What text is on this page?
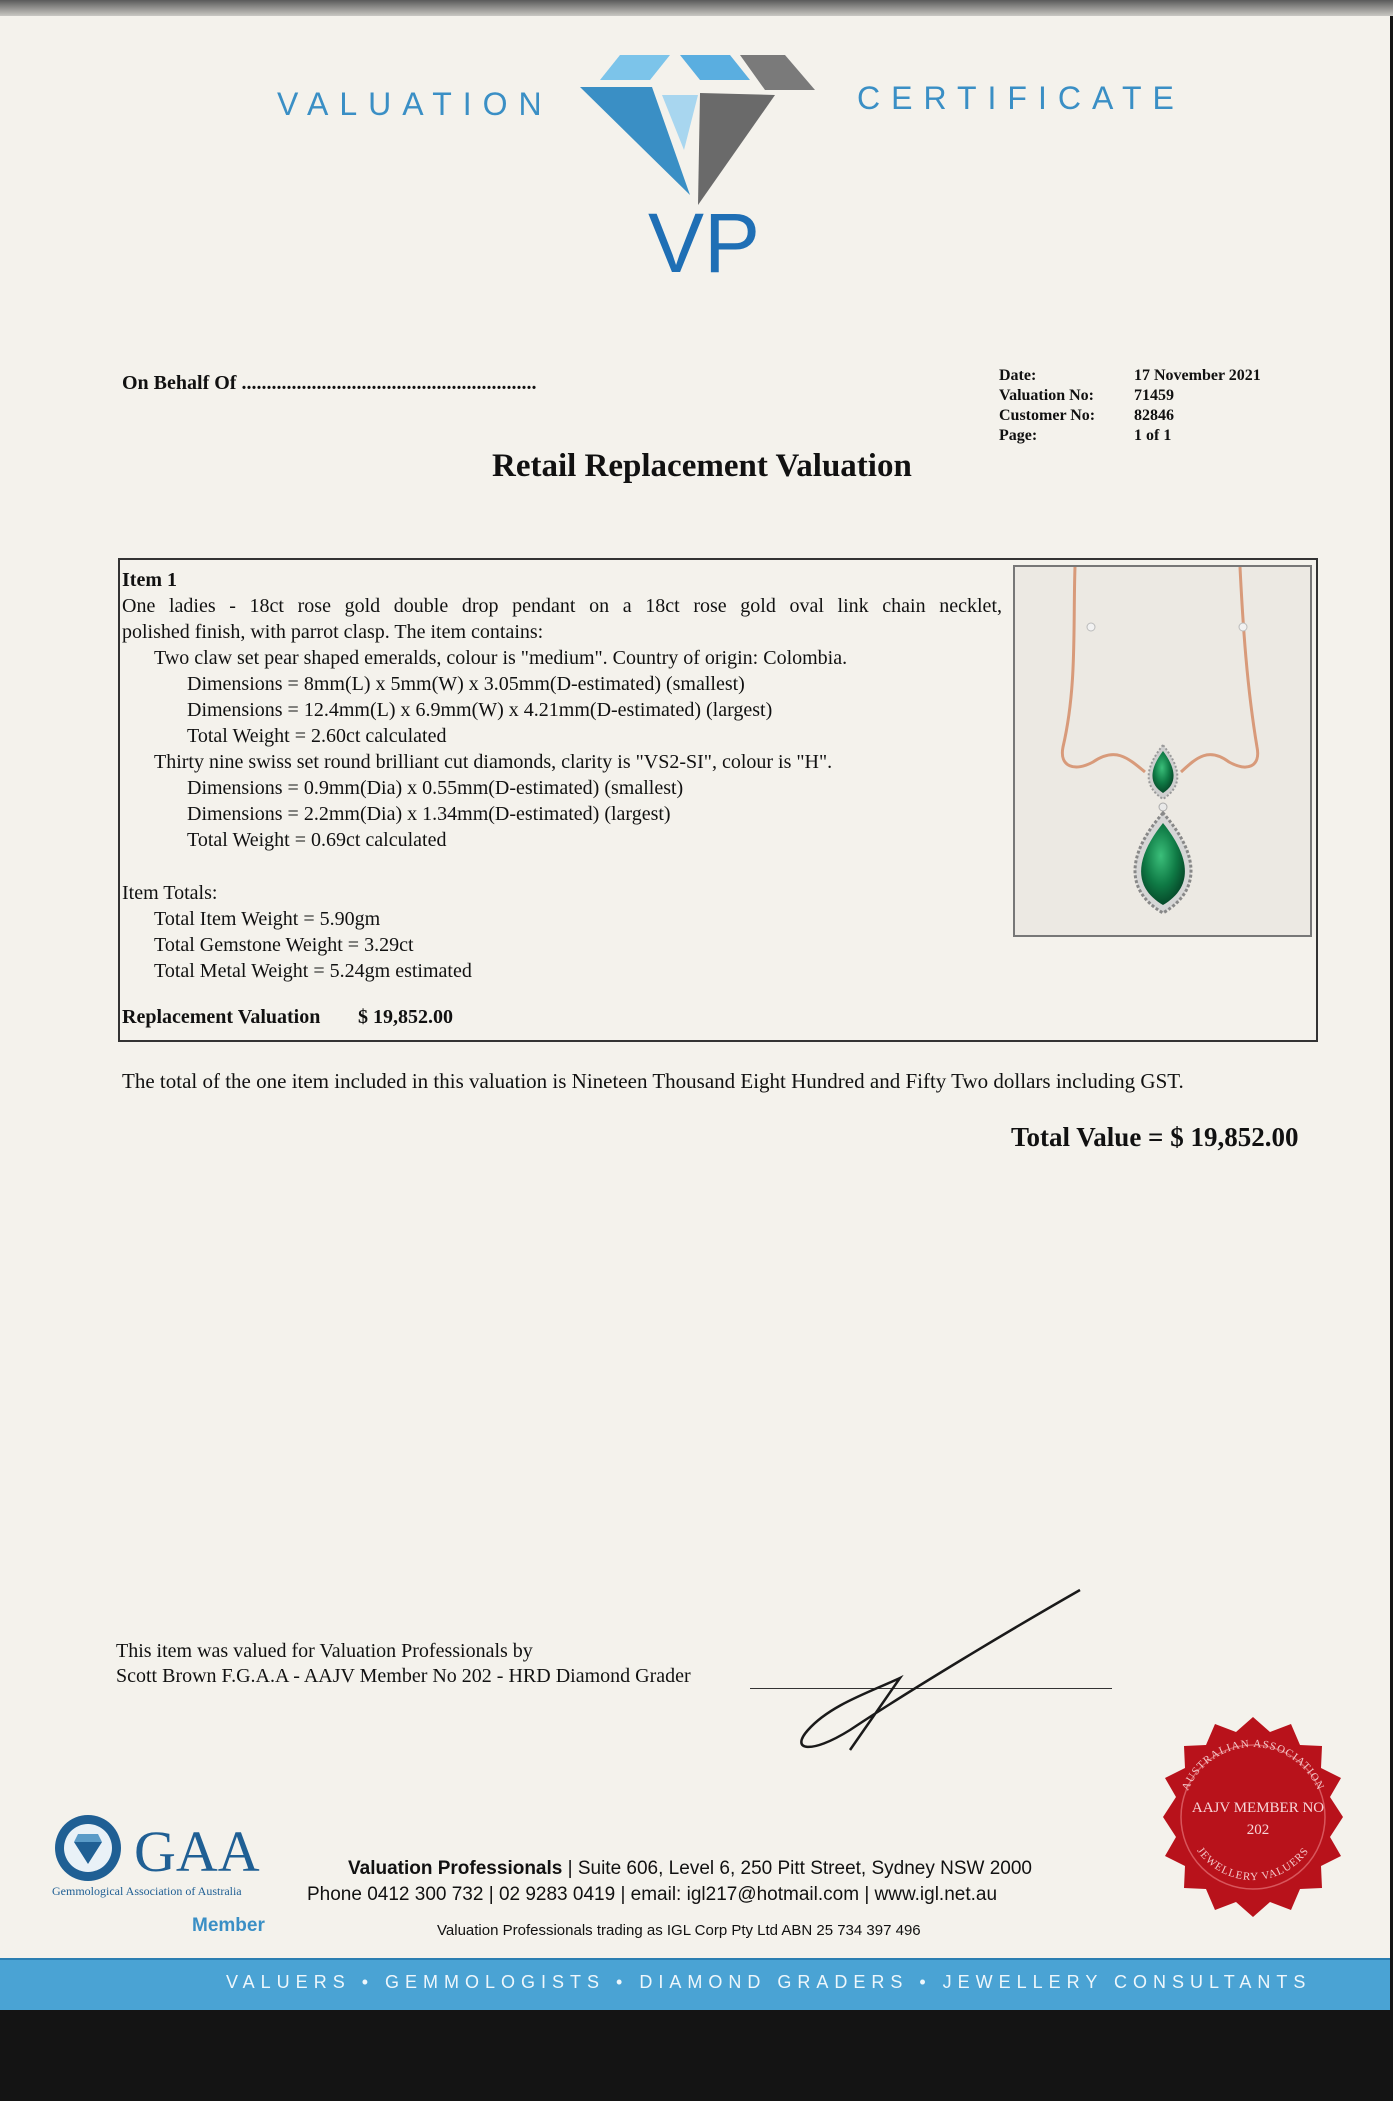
VALUATION	CERTIFICATE
VP
On Behalf Of ...........................................................	Date:
Valuation No:
Customer No:
Page:
17 November 2021
71459
82846
1 of 1
Retail Replacement Valuation
Item 1
One ladies - 18ct rose gold double drop pendant on a 18ct rose gold oval link chain necklet,
polished finish, with parrot clasp. The item contains:
Two claw set pear shaped emeralds, colour is "medium". Country of origin: Colombia.
Dimensions = 8mm(L) x 5mm(W) x 3.05mm(D-estimated) (smallest)
Dimensions = 12.4mm(L) x 6.9mm(W) x 4.21mm(D-estimated) (largest)
Total Weight = 2.60ct calculated
Thirty nine swiss set round brilliant cut diamonds, clarity is "VS2-SI", colour is "H".
Dimensions = 0.9mm(Dia) x 0.55mm(D-estimated) (smallest)
Dimensions = 2.2mm(Dia) x 1.34mm(D-estimated) (largest)
Total Weight = 0.69ct calculated
Item Totals:
Total Item Weight = 5.90gm
Total Gemstone Weight = 3.29ct
Total Metal Weight = 5.24gm estimated
Replacement Valuation $ 19,852.00
The total of the one item included in this valuation is Nineteen Thousand Eight Hundred and Fifty Two dollars including GST.
Total Value = $ 19,852.00
This item was valued for Valuation Professionals by
Scott Brown F.G.A.A - AAJV Member No 202 - HRD Diamond Grader
AUSTRALIAN ASSOCIATION
JEWELLERY VALUERS
AAJV MEMBER NO
202
GAA
Gemmological Association of Australia
Member
Valuation Professionals | Suite 606, Level 6, 250 Pitt Street, Sydney NSW 2000
Phone 0412 300 732 | 02 9283 0419 | email: igl217@hotmail.com | www.igl.net.au
Valuation Professionals trading as IGL Corp Pty Ltd ABN 25 734 397 496
VALUERS • GEMMOLOGISTS • DIAMOND GRADERS • JEWELLERY CONSULTANTS
